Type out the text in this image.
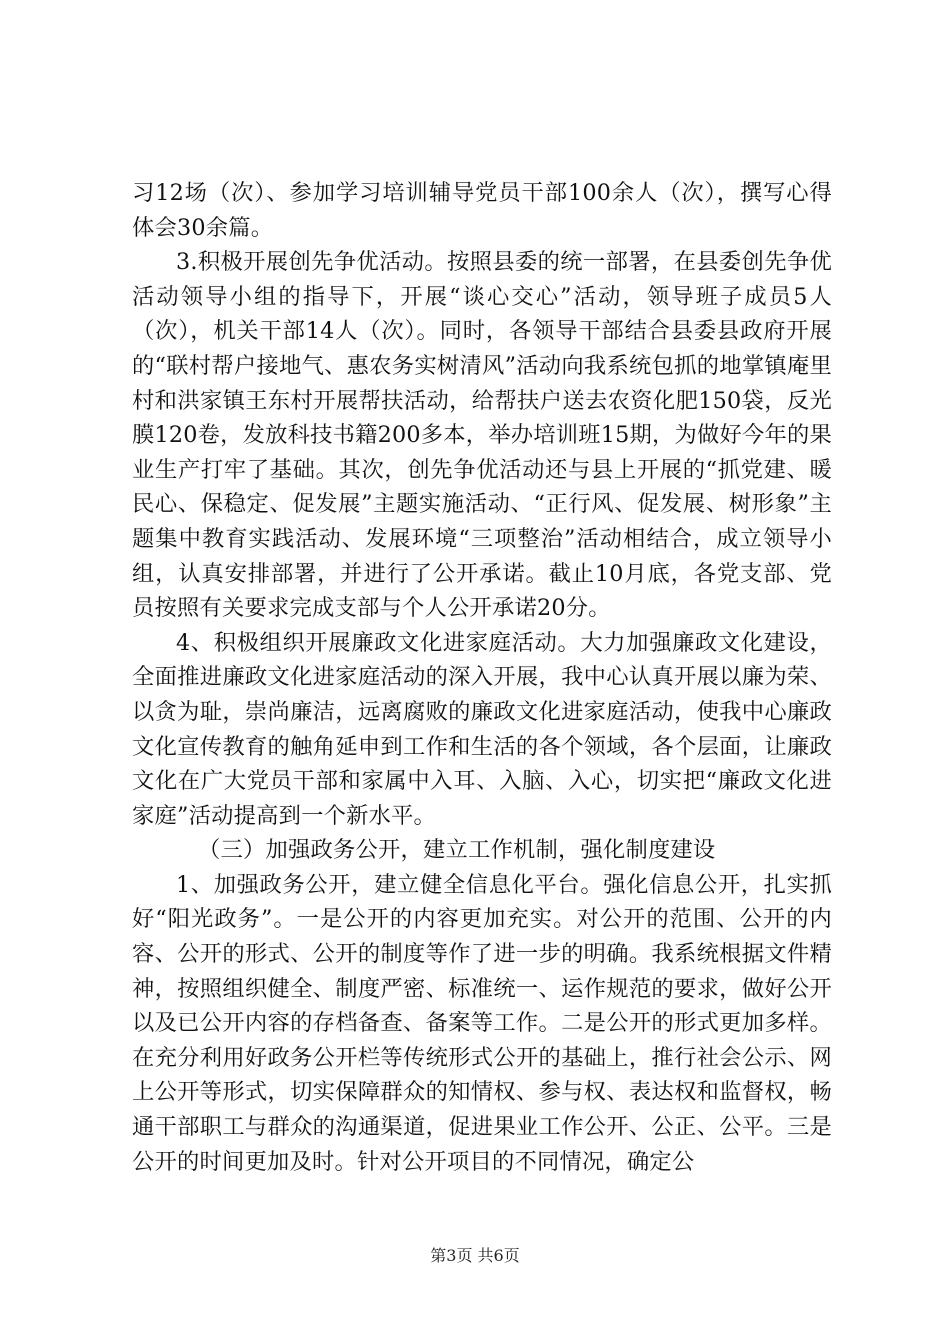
习12场（次）、参加学习培训辅导党员干部100余人（次），撰写心得体会30余篇。

3.积极开展创先争优活动。按照县委的统一部署，在县委创先争优活动领导小组的指导下，开展“谈心交心”活动，领导班子成员5人（次），机关干部14人（次）。同时，各领导干部结合县委县政府开展的“联村帮户接地气、惠农务实树清风”活动向我系统包抓的地掌镇庵里村和洪家镇王东村开展帮扶活动，给帮扶户送去农资化肥150袋，反光膜120卷，发放科技书籍200多本，举办培训班15期，为做好今年的果业生产打牢了基础。其次，创先争优活动还与县上开展的“抓党建、暖民心、保稳定、促发展”主题实施活动、“正行风、促发展、树形象”主题集中教育实践活动、发展环境“三项整治”活动相结合，成立领导小组，认真安排部署，并进行了公开承诺。截止10月底，各党支部、党员按照有关要求完成支部与个人公开承诺20分。

4、积极组织开展廉政文化进家庭活动。大力加强廉政文化建设，全面推进廉政文化进家庭活动的深入开展，我中心认真开展以廉为荣、以贪为耻，崇尚廉洁，远离腐败的廉政文化进家庭活动，使我中心廉政文化宣传教育的触角延申到工作和生活的各个领域，各个层面，让廉政文化在广大党员干部和家属中入耳、入脑、入心，切实把“廉政文化进家庭”活动提高到一个新水平。

（三）加强政务公开，建立工作机制，强化制度建设

1、加强政务公开，建立健全信息化平台。强化信息公开，扎实抓好“阳光政务”。一是公开的内容更加充实。对公开的范围、公开的内容、公开的形式、公开的制度等作了进一步的明确。我系统根据文件精神，按照组织健全、制度严密、标准统一、运作规范的要求，做好公开以及已公开内容的存档备查、备案等工作。二是公开的形式更加多样。在充分利用好政务公开栏等传统形式公开的基础上，推行社会公示、网上公开等形式，切实保障群众的知情权、参与权、表达权和监督权，畅通干部职工与群众的沟通渠道，促进果业工作公开、公正、公平。三是公开的时间更加及时。针对公开项目的不同情况，确定公

第3页 共6页
